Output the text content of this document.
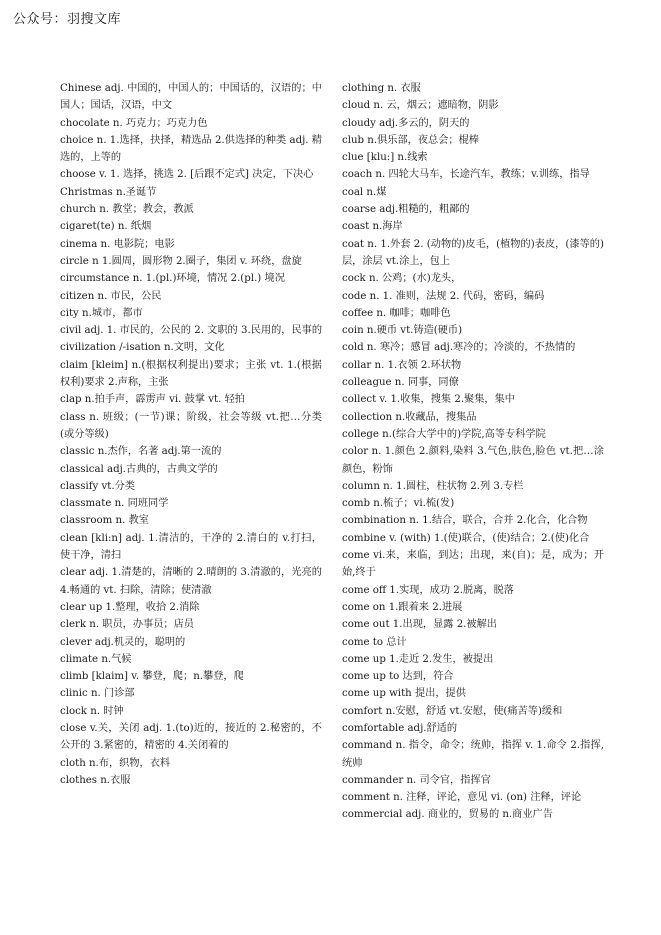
公众号：羽搜文库

Chinese adj. 中国的，中国人的；中国话的，汉语的；中国人；国话，汉语，中文

chocolate n. 巧克力；巧克力色

choice n. 1.选择，抉择，精选品 2.供选择的种类 adj. 精选的，上等的

choose v. 1. 选择，挑选 2. [后跟不定式] 决定，下决心

Christmas n.圣诞节

church n. 教堂；教会，教派

cigaret(te) n. 纸烟

cinema n. 电影院；电影

circle n 1.圆周，圆形物 2.圈子，集团 v. 环绕，盘旋

circumstance n. 1.(pl.)环境，情况 2.(pl.) 境况

citizen n. 市民，公民

city n.城市，都市

civil adj. 1. 市民的，公民的 2. 文职的 3.民用的，民事的

civilization /-isation n.文明，文化

claim [kleim] n.(根据权利提出)要求；主张 vt. 1.(根据权利)要求 2.声称，主张

clap n.拍手声，霹雳声 vi. 鼓掌 vt. 轻拍

class n. 班级；(一节)课；阶级，社会等级 vt.把…分类(或分等级)

classic n.杰作，名著 adj.第一流的

classical adj.古典的，古典文学的

classify vt.分类

classmate n. 同班同学

classroom n. 教室

clean [kli:n] adj. 1.清洁的，干净的 2.清白的 v.打扫，使干净，清扫

clear adj. 1.清楚的，清晰的 2.晴朗的 3.清澈的，光亮的 4.畅通的 vt. 扫除，清除；使清澈

clear up 1.整理，收拾 2.消除

clerk n. 职员，办事员；店员

clever adj.机灵的，聪明的

climate n.气候

climb [klaim] v. 攀登，爬；n.攀登，爬

clinic n. 门诊部

clock n. 时钟

close v.关，关闭 adj. 1.(to)近的，接近的 2.秘密的，不公开的 3.紧密的，精密的 4.关闭着的

cloth n.布，织物，衣料

clothes n.衣服

clothing n. 衣服

cloud n. 云，烟云；遮暗物，阴影

cloudy adj.多云的，阴天的

club n.俱乐部，夜总会；棍棒

clue [klu:] n.线索

coach n. 四轮大马车，长途汽车，教练；v.训练，指导

coal n.煤

coarse adj.粗糙的，粗鄙的

coast n.海岸

coat n. 1.外套 2. (动物的)皮毛，(植物的)表皮，(漆等的)层，涂层 vt.涂上，包上

cock n. 公鸡；(水)龙头，

code n. 1. 准则，法规 2. 代码，密码，编码

coffee n. 咖啡；咖啡色

coin n.硬币 vt.铸造(硬币)

cold n. 寒冷；感冒 adj.寒冷的；冷淡的，不热情的

collar n. 1.衣领 2.环状物

colleague n. 同事，同僚

collect v. 1.收集，搜集 2.聚集，集中

collection n.收藏品，搜集品

college n.(综合大学中的)学院,高等专科学院

color n. 1.颜色 2.颜料,染料 3.气色,肤色,脸色 vt.把…涂颜色，粉饰

column n. 1.圆柱，柱状物 2.列 3.专栏

comb n.梳子；vi.梳(发)

combination n. 1.结合，联合，合并 2.化合，化合物

combine v. (with) 1.(使)联合，(使)结合；2.(使)化合

come vi.来，来临，到达；出现，来(自)；是，成为；开始,终于

come off 1.实现，成功 2.脱离，脱落

come on 1.跟着来 2.进展

come out 1.出现，显露 2.被解出

come to 总计

come up 1.走近 2.发生，被提出

come up to 达到，符合

come up with 提出，提供

comfort n.安慰，舒适 vt.安慰，使(痛苦等)缓和

comfortable adj.舒适的

command n. 指令，命令；统帅，指挥 v. 1.命令 2.指挥,统帅

commander n. 司令官，指挥官

comment n. 注释，评论，意见 vi. (on) 注释，评论

commercial adj. 商业的，贸易的 n.商业广告
